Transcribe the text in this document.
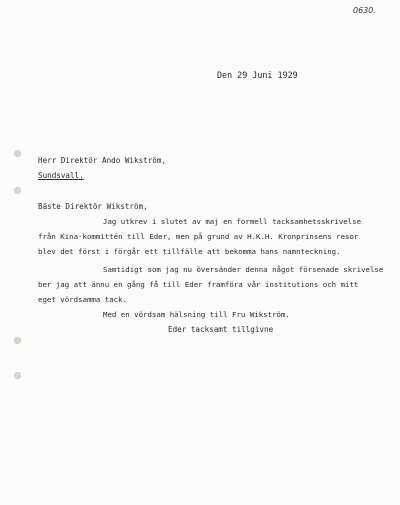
0630.
Den 29 Juni 1929
Herr Direktör Ando Wikström,
Sundsvall.
Bäste Direktör Wikström,
Jag utkrev i slutet av maj en formell tacksamhetsskrivelse
från Kina-kommittén till Eder, men på grund av H.K.H. Kronprinsens resor
blev det först i förgår ett tillfälle att bekomma hans namnteckning.
Samtidigt som jag nu översänder denna något försenade skrivelse
ber jag att ännu en gång få till Eder framföra vår institutions och mitt
eget vördsamma tack.
Med en vördsam hälsning till Fru Wikström.
Eder tacksamt tillgivne
